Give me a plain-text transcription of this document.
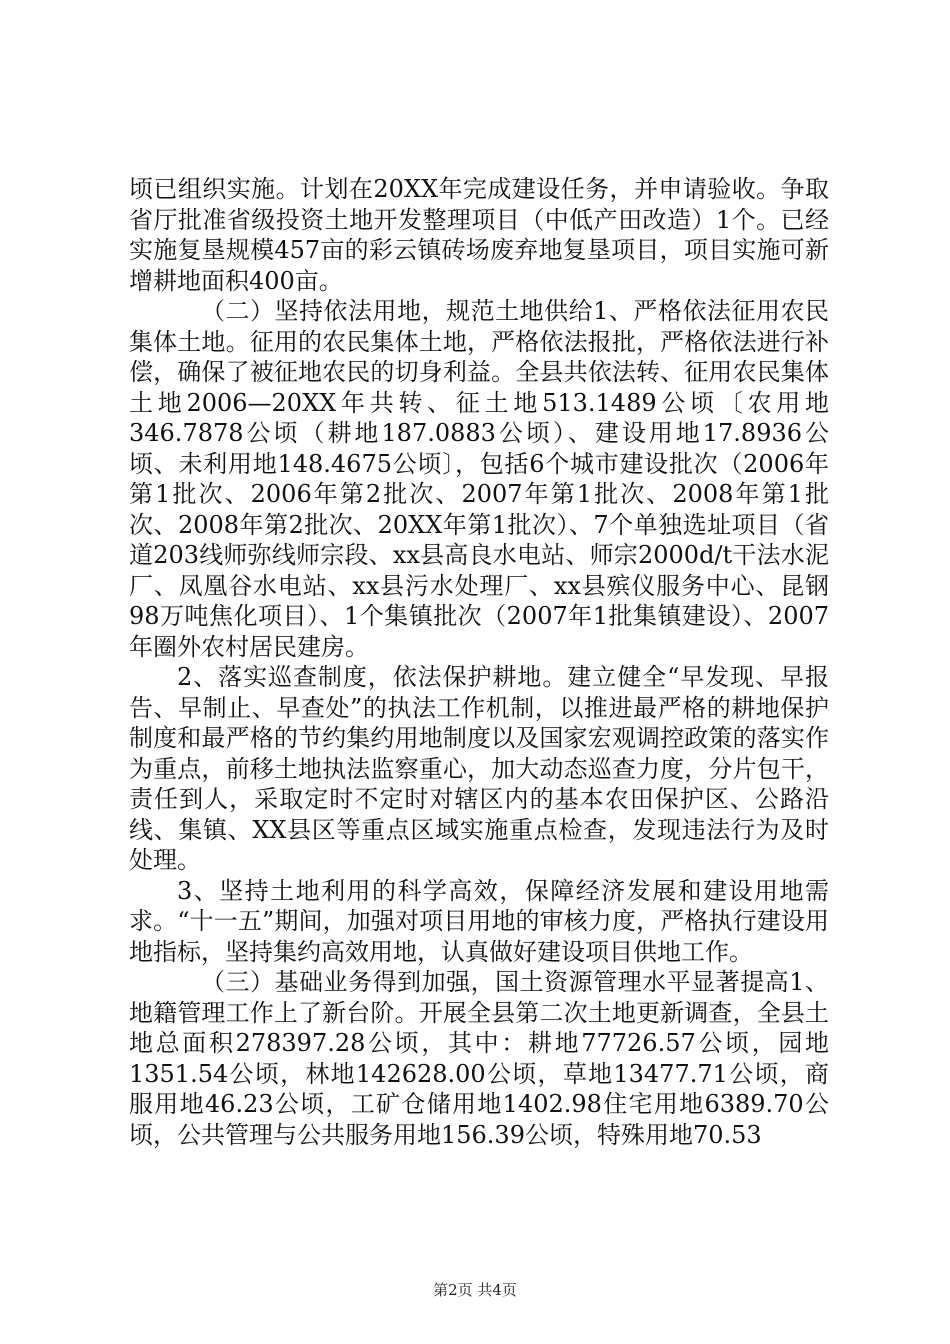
顷已组织实施。计划在20XX年完成建设任务，并申请验收。争取省厅批准省级投资土地开发整理项目（中低产田改造）1个。已经实施复垦规模457亩的彩云镇砖场废弃地复垦项目，项目实施可新增耕地面积400亩。

（二）坚持依法用地，规范土地供给1、严格依法征用农民集体土地。征用的农民集体土地，严格依法报批，严格依法进行补偿，确保了被征地农民的切身利益。全县共依法转、征用农民集体土地2006—20XX年共转、征土地513.1489公顷〔农用地346.7878公顷（耕地187.0883公顷）、建设用地17.8936公顷、未利用地148.4675公顷〕，包括6个城市建设批次（2006年第1批次、2006年第2批次、2007年第1批次、2008年第1批次、2008年第2批次、20XX年第1批次）、7个单独选址项目（省道203线师弥线师宗段、xx县高良水电站、师宗2000d/t干法水泥厂、凤凰谷水电站、xx县污水处理厂、xx县殡仪服务中心、昆钢98万吨焦化项目）、1个集镇批次（2007年1批集镇建设）、2007年圈外农村居民建房。

2、落实巡查制度，依法保护耕地。建立健全“早发现、早报告、早制止、早查处”的执法工作机制，以推进最严格的耕地保护制度和最严格的节约集约用地制度以及国家宏观调控政策的落实作为重点，前移土地执法监察重心，加大动态巡查力度，分片包干，责任到人，采取定时不定时对辖区内的基本农田保护区、公路沿线、集镇、XX县区等重点区域实施重点检查，发现违法行为及时处理。

3、坚持土地利用的科学高效，保障经济发展和建设用地需求。“十一五”期间，加强对项目用地的审核力度，严格执行建设用地指标，坚持集约高效用地，认真做好建设项目供地工作。

（三）基础业务得到加强，国土资源管理水平显著提高1、地籍管理工作上了新台阶。开展全县第二次土地更新调查，全县土地总面积278397.28公顷，其中：耕地77726.57公顷，园地1351.54公顷，林地142628.00公顷，草地13477.71公顷，商服用地46.23公顷，工矿仓储用地1402.98住宅用地6389.70公顷，公共管理与公共服务用地156.39公顷，特殊用地70.53

第2页 共4页
